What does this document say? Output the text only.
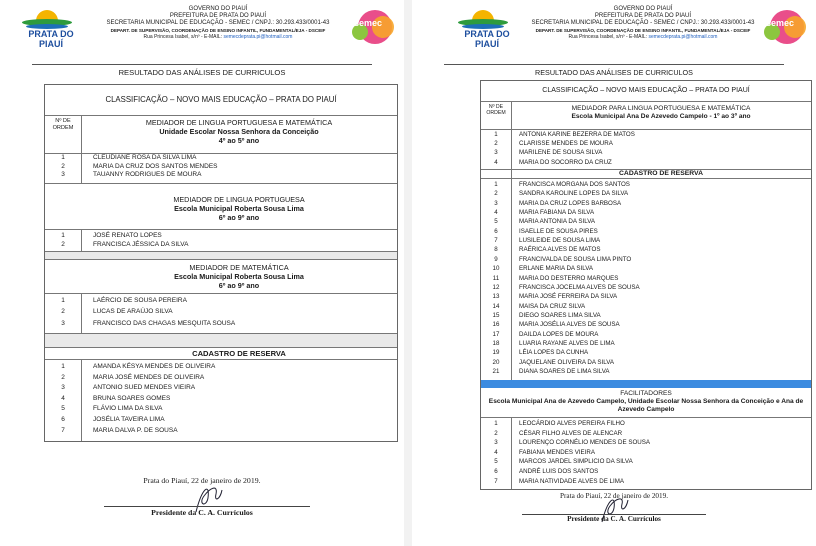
PRATA DO PIAUÍ
GOVERNO DO PIAUÍ
PREFEITURA DE PRATA DO PIAUÍ
SECRETARIA MUNICIPAL DE EDUCAÇÃO - SEMEC / CNPJ.: 30.293.433/0001-43
DEPART. DE SUPERVISÃO, COORDENAÇÃO DE ENSINO INFANTIL, FUNDAMENTAL/EJA - DSCEIF
Rua Princesa Isabel, s/nº - E-MAIL: semecdeprata.pi@hotmail.com
semec
RESULTADO DAS ANÁLISES DE CURRICULOS
CLASSIFICAÇÃO – NOVO MAIS EDUCAÇÃO – PRATA DO PIAUÍ
Nº DE ORDEM
MEDIADOR DE LINGUA PORTUGUESA E MATEMÁTICA
Unidade Escolar Nossa Senhora da Conceição
4º ao 5º ano
1	CLEUDIANE ROSA DA SILVA LIMA
2	MARIA DA CRUZ DOS SANTOS MENDES
3	TAUANNY RODRIGUES DE MOURA
MEDIADOR DE LINGUA PORTUGUESA
Escola Municipal Roberta Sousa Lima
6º ao 9º ano
1	JOSÉ RENATO LOPES
2	FRANCISCA JÉSSICA DA SILVA
MEDIADOR DE MATEMÁTICA
Escola Municipal Roberta Sousa Lima
6º ao 9º ano
1	LAÉRCIO DE SOUSA PEREIRA
2	LUCAS DE ARAÚJO SILVA
3	FRANCISCO DAS CHAGAS MESQUITA SOUSA
CADASTRO DE RESERVA
1	AMANDA KÉSYA MENDES DE OLIVEIRA
2	MARIA JOSÉ MENDES DE OLIVEIRA
3	ANTONIO SUED MENDES VIEIRA
4	BRUNA SOARES GOMES
5	FLÁVIO LIMA DA SILVA
6	JOSÉLIA TAVEIRA LIMA
7	MARIA DALVA P. DE SOUSA
Prata do Piauí, 22 de janeiro de 2019.
Presidente da C. A. Currículos
PRATA DO PIAUÍ
GOVERNO DO PIAUÍ
PREFEITURA DE PRATA DO PIAUÍ
SECRETARIA MUNICIPAL DE EDUCAÇÃO - SEMEC / CNPJ.: 30.293.433/0001-43
DEPART. DE SUPERVISÃO, COORDENAÇÃO DE ENSINO INFANTIL, FUNDAMENTAL/EJA - DSCEIF
Rua Princesa Isabel, s/nº - E-MAIL: semecdeprata.pi@hotmail.com
semec
RESULTADO DAS ANÁLISES DE CURRICULOS
CLASSIFICAÇÃO – NOVO MAIS EDUCAÇÃO – PRATA DO PIAUÍ
Nº DE ORDEM
MEDIADOR PARA LINGUA PORTUGUESA E MATEMÁTICA
Escola Municipal Ana De Azevedo Campelo - 1º ao 3º ano
1	ANTONIA KARINE BEZERRA DE MATOS
2	CLARISSE MENDES DE MOURA
3	MARILENE DE SOUSA SILVA
4	MARIA DO SOCORRO DA CRUZ
CADASTRO DE RESERVA
1	FRANCISCA MORGANA DOS SANTOS
2	SANDRA KAROLINE LOPES DA SILVA
3	MARIA DA CRUZ LOPES BARBOSA
4	MARIA FABIANA DA SILVA
5	MARIA ANTONIA DA SILVA
6	ISAELLE DE SOUSA PIRES
7	LUSILEIDE DE SOUSA LIMA
8	RAÉRICA ALVES DE MATOS
9	FRANCIVALDA DE SOUSA LIMA PINTO
10	ERLANE MARIA DA SILVA
11	MARIA DO DESTERRO MARQUES
12	FRANCISCA JOCELMA ALVES DE SOUSA
13	MARIA JOSÉ FERREIRA DA SILVA
14	MAISA DA CRUZ SILVA
15	DIEGO SOARES LIMA SILVA
16	MARIA JOSÉLIA ALVES DE SOUSA
17	DAILDA LOPES DE MOURA
18	LUARIA RAYANE ALVES DE LIMA
19	LÉIA LOPES DA CUNHA
20	JAQUELANE OLIVEIRA DA SILVA
21	DIANA SOARES DE LIMA SILVA
FACILITADORES
Escola Municipal Ana de Azevedo Campelo, Unidade Escolar Nossa Senhora da Conceição e Ana de Azevedo Campelo
1	LEOCÁRDIO ALVES PEREIRA FILHO
2	CÉSAR FILHO ALVES DE ALENCAR
3	LOURENÇO CORNÉLIO MENDES DE SOUSA
4	FABIANA MENDES VIEIRA
5	MARCOS JARDEL SIMPLICIO DA SILVA
6	ANDRÉ LUIS DOS SANTOS
7	MARIA NATIVIDADE ALVES DE LIMA
Prata do Piauí, 22 de janeiro de 2019.
Presidente da C. A. Currículos
